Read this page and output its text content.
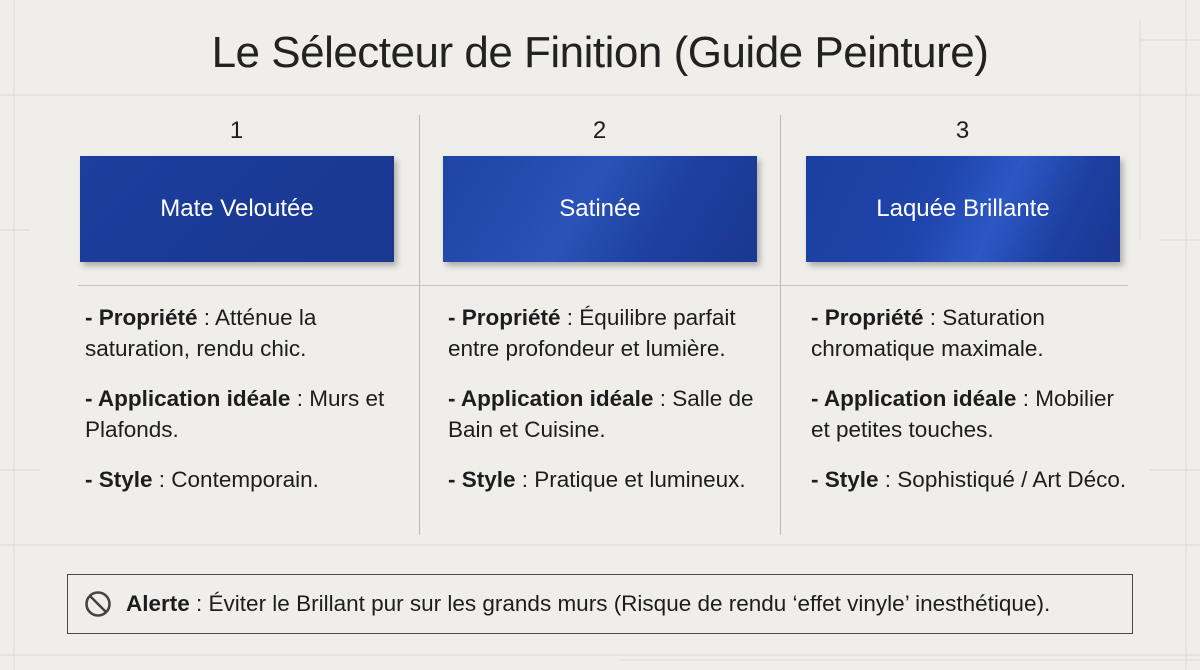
Le Sélecteur de Finition (Guide Peinture)
1
Mate Veloutée

- Propriété : Atténue la saturation, rendu chic.

- Application idéale : Murs et Plafonds.

- Style : Contemporain.

2
Satinée

- Propriété : Équilibre parfait entre profondeur et lumière.

- Application idéale : Salle de Bain et Cuisine.

- Style : Pratique et lumineux.

3
Laquée Brillante

- Propriété : Saturation chromatique maximale.

- Application idéale : Mobilier et petites touches.

- Style : Sophistiqué / Art Déco.

Alerte : Éviter le Brillant pur sur les grands murs (Risque de rendu ‘effet vinyle’ inesthétique).
